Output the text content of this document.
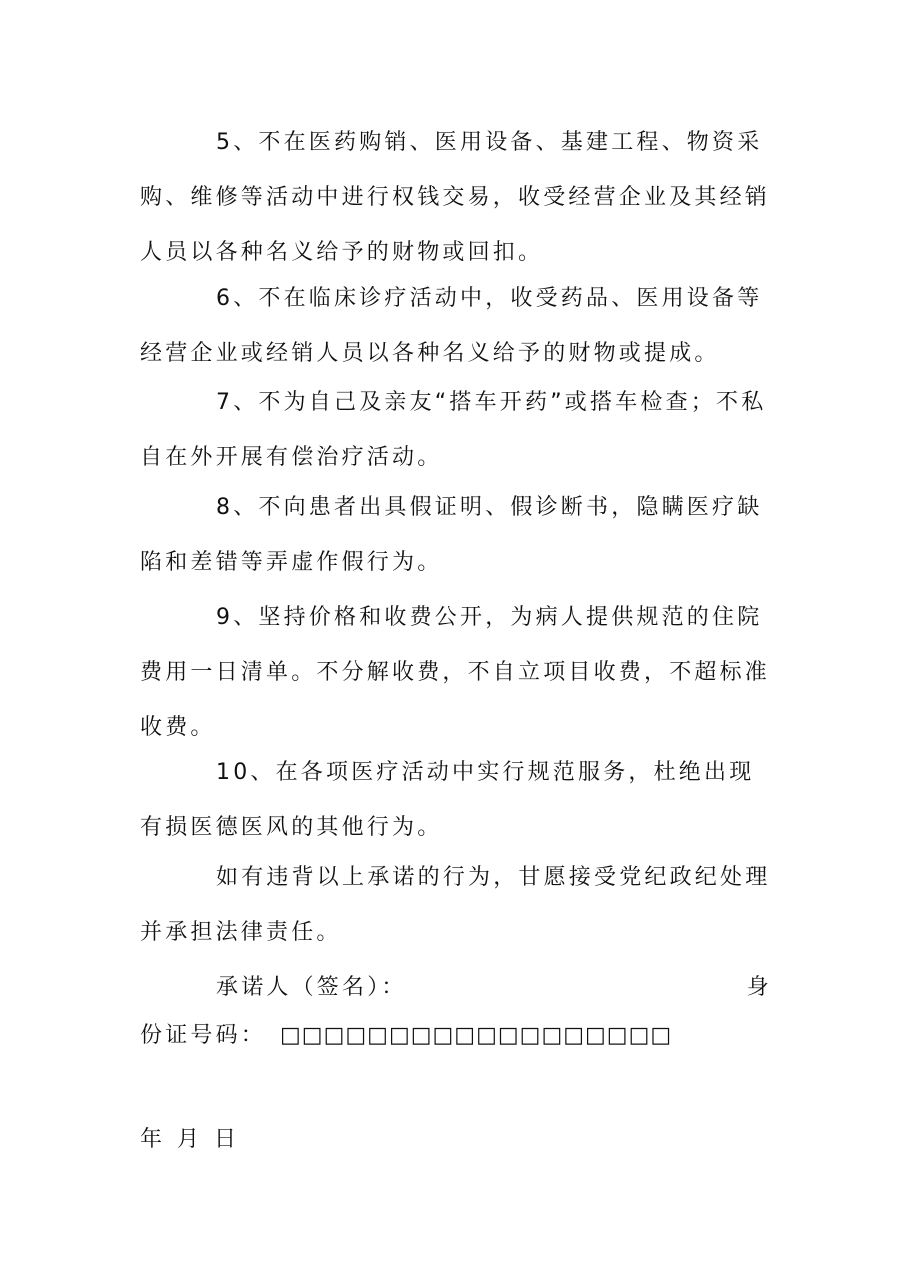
5、不在医药购销、医用设备、基建工程、物资采购、维修等活动中进行权钱交易，收受经营企业及其经销人员以各种名义给予的财物或回扣。

6、不在临床诊疗活动中，收受药品、医用设备等经营企业或经销人员以各种名义给予的财物或提成。

7、不为自己及亲友“搭车开药”或搭车检查；不私自在外开展有偿治疗活动。

8、不向患者出具假证明、假诊断书，隐瞒医疗缺陷和差错等弄虚作假行为。

9、坚持价格和收费公开，为病人提供规范的住院费用一日清单。不分解收费，不自立项目收费，不超标准收费。

10、在各项医疗活动中实行规范服务，杜绝出现有损医德医风的其他行为。

如有违背以上承诺的行为，甘愿接受党纪政纪处理并承担法律责任。

承诺人（签名）：	身
份证号码： □□□□□□□□□□□□□□□□□□
年 月 日
